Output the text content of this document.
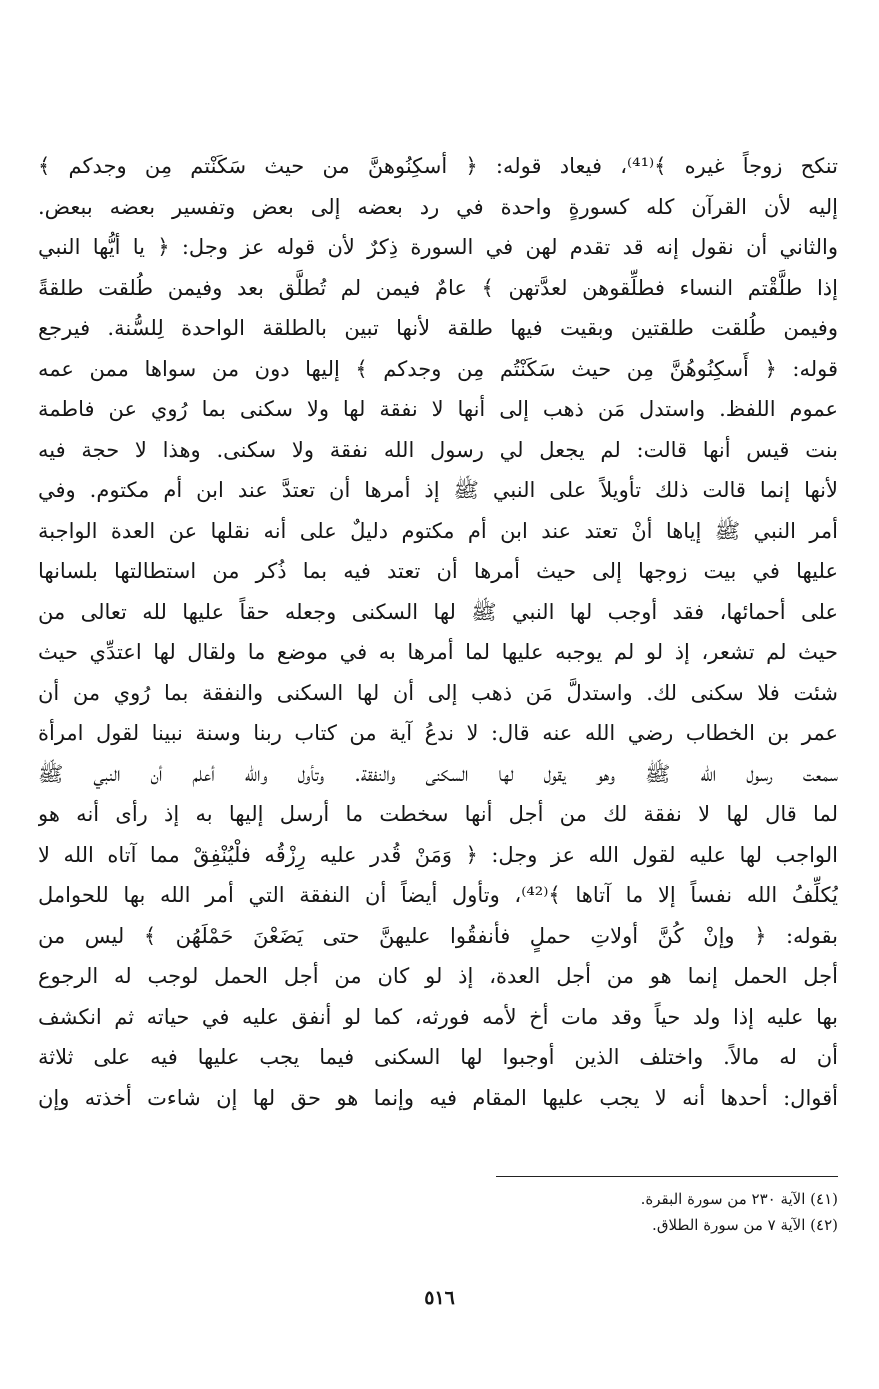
تنكح زوجاً غيره ﴾⁽⁴¹⁾، فيعاد قوله: ﴿ أسكِنُوهنَّ من حيث سَكَنْتم مِن وجدكم ﴾
إليه لأن القرآن كله كسورةٍ واحدة في رد بعضه إلى بعض وتفسير بعضه ببعض.
والثاني أن نقول إنه قد تقدم لهن في السورة ذِكرٌ لأن قوله عز وجل: ﴿ يا أيُّها النبي
إذا طلَّقْتم النساء فطلِّقوهن لعدَّتهن ﴾ عامٌ فيمن لم تُطلَّق بعد وفيمن طُلقت طلقةً
وفيمن طُلقت طلقتين وبقيت فيها طلقة لأنها تبين بالطلقة الواحدة لِلسُّنة. فيرجع
قوله: ﴿ أَسكِنُوهُنَّ مِن حيث سَكَنْتُم مِن وجدكم ﴾ إليها دون من سواها ممن عمه
عموم اللفظ. واستدل مَن ذهب إلى أنها لا نفقة لها ولا سكنى بما رُوي عن فاطمة
بنت قيس أنها قالت: لم يجعل لي رسول الله نفقة ولا سكنى. وهذا لا حجة فيه
لأنها إنما قالت ذلك تأويلاً على النبي ﷺ إذ أمرها أن تعتدَّ عند ابن أم مكتوم. وفي
أمر النبي ﷺ إياها أنْ تعتد عند ابن أم مكتوم دليلٌ على أنه نقلها عن العدة الواجبة
عليها في بيت زوجها إلى حيث أمرها أن تعتد فيه بما ذُكر من استطالتها بلسانها
على أحمائها، فقد أوجب لها النبي ﷺ لها السكنى وجعله حقاً عليها لله تعالى من
حيث لم تشعر، إذ لو لم يوجبه عليها لما أمرها به في موضع ما ولقال لها اعتدِّي حيث
شئت فلا سكنى لك. واستدلَّ مَن ذهب إلى أن لها السكنى والنفقة بما رُوي من أن
عمر بن الخطاب رضي الله عنه قال: لا ندعُ آية من كتاب ربنا وسنة نبينا لقول امرأة
سمعت رسول الله ﷺ وهو يقول لها السكنى والنفقة. وتأول والله أعلم أن النبي ﷺ
لما قال لها لا نفقة لك من أجل أنها سخطت ما أرسل إليها به إذ رأى أنه هو
الواجب لها عليه لقول الله عز وجل: ﴿ وَمَنْ قُدر عليه رِزْقُه فلْيُنْفِقْ مما آتاه الله لا
يُكلِّفُ الله نفساً إلا ما آتاها ﴾⁽⁴²⁾، وتأول أيضاً أن النفقة التي أمر الله بها للحوامل
بقوله: ﴿ وإنْ كُنَّ أولاتِ حملٍ فأنفقُوا عليهنَّ حتى يَضَعْنَ حَمْلَهُن ﴾ ليس من
أجل الحمل إنما هو من أجل العدة، إذ لو كان من أجل الحمل لوجب له الرجوع
بها عليه إذا ولد حياً وقد مات أخ لأمه فورثه، كما لو أنفق عليه في حياته ثم انكشف
أن له مالاً. واختلف الذين أوجبوا لها السكنى فيما يجب عليها فيه على ثلاثة
أقوال: أحدها أنه لا يجب عليها المقام فيه وإنما هو حق لها إن شاءت أخذته وإن
(٤١) الآية ٢٣٠ من سورة البقرة.
(٤٢) الآية ٧ من سورة الطلاق.
٥١٦
